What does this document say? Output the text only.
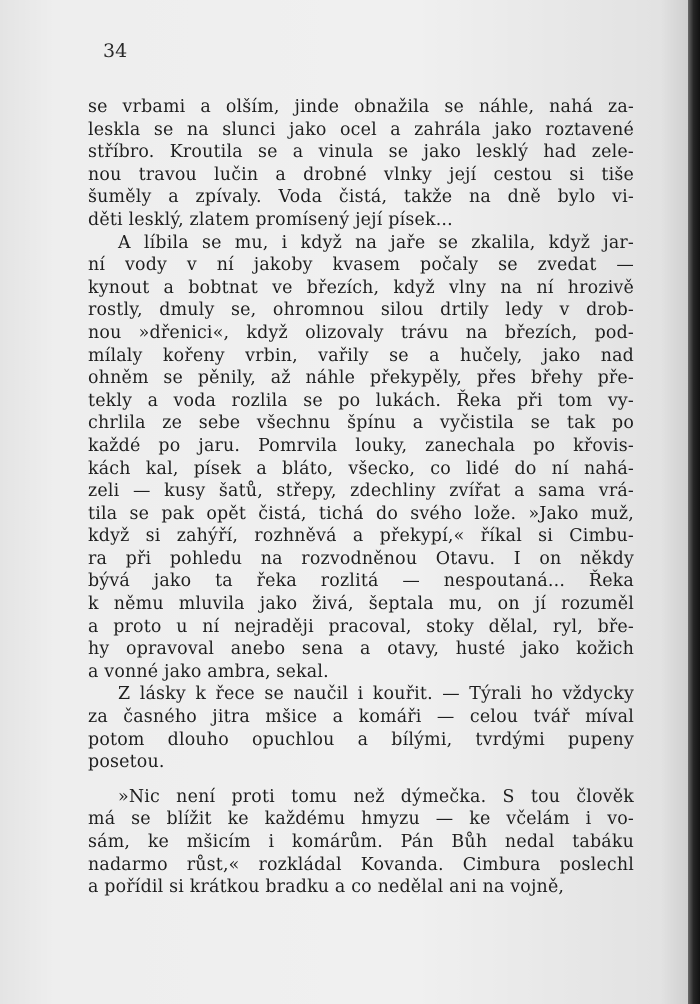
34
se vrbami a olším, jinde obnažila se náhle, nahá za-
leskla se na slunci jako ocel a zahrála jako roztavené
stříbro. Kroutila se a vinula se jako lesklý had zele-
nou travou lučin a drobné vlnky její cestou si tiše
šuměly a zpívaly. Voda čistá, takže na dně bylo vi-
děti lesklý, zlatem promísený její písek...
A líbila se mu, i když na jaře se zkalila, když jar-
ní vody v ní jakoby kvasem počaly se zvedat —
kynout a bobtnat ve březích, když vlny na ní hrozivě
rostly, dmuly se, ohromnou silou drtily ledy v drob-
nou »dřenici«, když olizovaly trávu na březích, pod-
mílaly kořeny vrbin, vařily se a hučely, jako nad
ohněm se pěnily, až náhle překypěly, přes břehy pře-
tekly a voda rozlila se po lukách. Řeka při tom vy-
chrlila ze sebe všechnu špínu a vyčistila se tak po
každé po jaru. Pomrvila louky, zanechala po křovis-
kách kal, písek a bláto, všecko, co lidé do ní nahá-
zeli — kusy šatů, střepy, zdechliny zvířat a sama vrá-
tila se pak opět čistá, tichá do svého lože. »Jako muž,
když si zahýří, rozhněvá a překypí,« říkal si Cimbu-
ra při pohledu na rozvodněnou Otavu. I on někdy
bývá jako ta řeka rozlitá — nespoutaná... Řeka
k němu mluvila jako živá, šeptala mu, on jí rozuměl
a proto u ní nejraději pracoval, stoky dělal, ryl, bře-
hy opravoval anebo sena a otavy, husté jako kožich
a vonné jako ambra, sekal.
Z lásky k řece se naučil i kouřit. — Týrali ho vždycky
za časného jitra mšice a komáři — celou tvář míval
potom dlouho opuchlou a bílými, tvrdými pupeny
posetou.
»Nic není proti tomu než dýmečka. S tou člověk
má se blížit ke každému hmyzu — ke včelám i vo-
sám, ke mšicím i komárům. Pán Bůh nedal tabáku
nadarmo růst,« rozkládal Kovanda. Cimbura poslechl
a pořídil si krátkou bradku a co nedělal ani na vojně,
